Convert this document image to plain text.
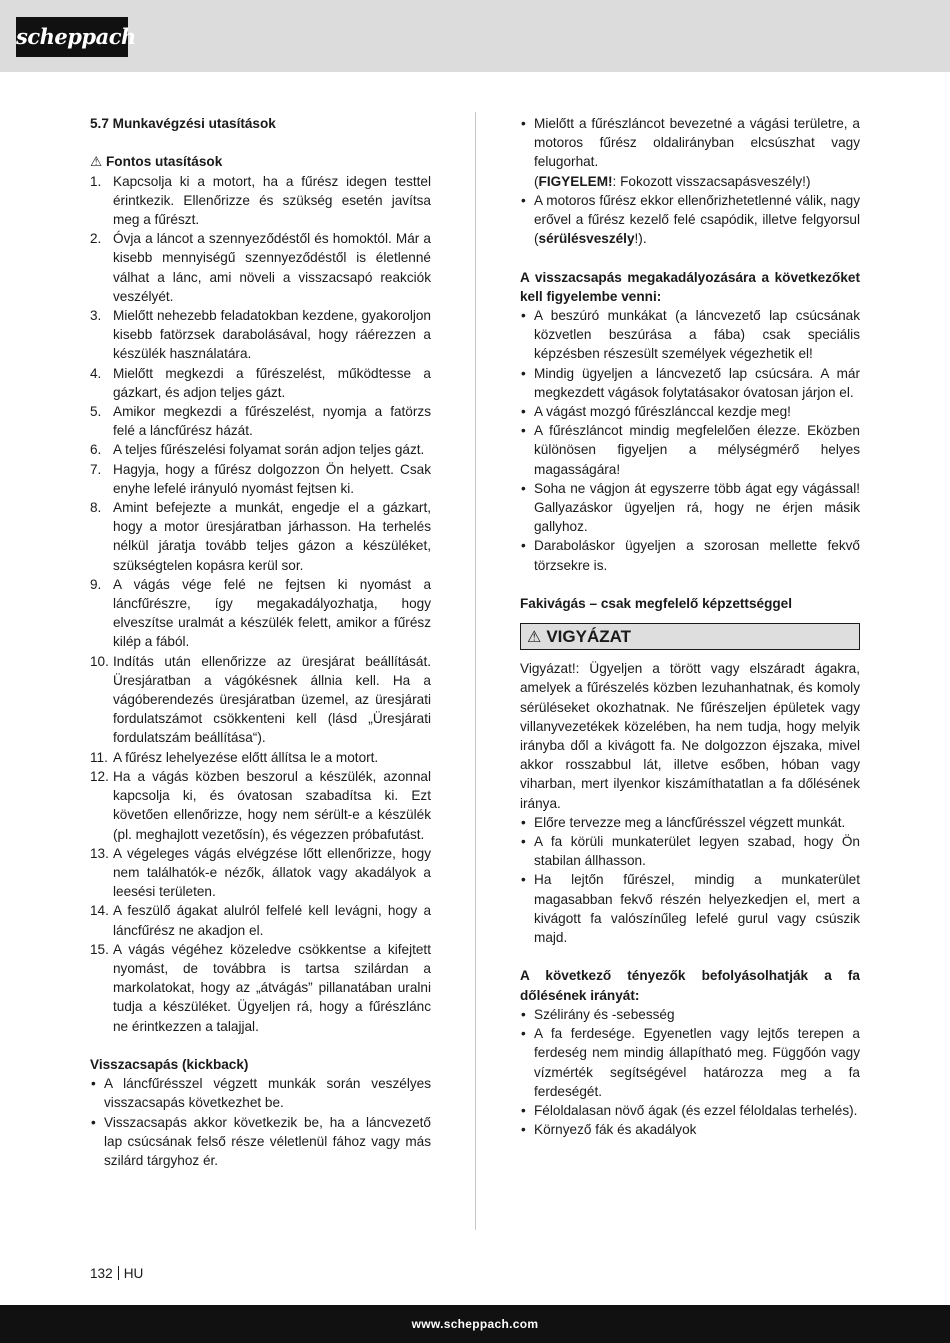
scheppach
5.7 Munkavégzési utasítások
⚠ Fontos utasítások
1. Kapcsolja ki a motort, ha a fűrész idegen testtel érintkezik. Ellenőrizze és szükség esetén javítsa meg a fűrészt.
2. Óvja a láncot a szennyeződéstől és homoktól. Már a kisebb mennyiségű szennyeződéstől is életlenné válhat a lánc, ami növeli a visszacsapó reakciók veszélyét.
3. Mielőtt nehezebb feladatokban kezdene, gyakoroljon kisebb fatörzsek darabolásával, hogy ráérezzen a készülék használatára.
4. Mielőtt megkezdi a fűrészelést, működtesse a gázkart, és adjon teljes gázt.
5. Amikor megkezdi a fűrészelést, nyomja a fatörzs felé a láncfűrész házát.
6. A teljes fűrészelési folyamat során adjon teljes gázt.
7. Hagyja, hogy a fűrész dolgozzon Ön helyett. Csak enyhe lefelé irányuló nyomást fejtsen ki.
8. Amint befejezte a munkát, engedje el a gázkart, hogy a motor üresjáratban járhasson. Ha terhelés nélkül járatja tovább teljes gázon a készüléket, szükségtelen kopásra kerül sor.
9. A vágás vége felé ne fejtsen ki nyomást a láncfűrészre, így megakadályozhatja, hogy elveszítse uralmát a készülék felett, amikor a fűrész kilép a fából.
10. Indítás után ellenőrizze az üresjárat beállítását. Üresjáratban a vágókésnek állnia kell. Ha a vágóberendezés üresjáratban üzemel, az üresjárati fordulatszámot csökkenteni kell (lásd „Üresjárati fordulatszám beállítása“).
11. A fűrész lehelyezése előtt állítsa le a motort.
12. Ha a vágás közben beszorul a készülék, azonnal kapcsolja ki, és óvatosan szabadítsa ki. Ezt követően ellenőrizze, hogy nem sérült-e a készülék (pl. meghajlott vezetősín), és végezzen próbafutást.
13. A végeleges vágás elvégzése lőtt ellenőrizze, hogy nem találhatók-e nézők, állatok vagy akadályok a leesési területen.
14. A feszülő ágakat alulról felfelé kell levágni, hogy a láncfűrész ne akadjon el.
15. A vágás végéhez közeledve csökkentse a kifejtett nyomást, de továbbra is tartsa szilárdan a markolatokat, hogy az „átvágás” pillanatában uralni tudja a készüléket. Ügyeljen rá, hogy a fűrészlánc ne érintkezzen a talajjal.
Visszacsapás (kickback)
• A láncfűrésszel végzett munkák során veszélyes visszacsapás következhet be.
• Visszacsapás akkor következik be, ha a láncvezető lap csúcsának felső része véletlenül fához vagy más szilárd tárgyhoz ér.
• Mielőtt a fűrészláncot bevezetné a vágási területre, a motoros fűrész oldalirányban elcsúszhat vagy felugorhat.
(FIGYELEM!: Fokozott visszacsapásveszély!)
• A motoros fűrész ekkor ellenőrizhetetlenné válik, nagy erővel a fűrész kezelő felé csapódik, illetve felgyorsul (sérülésveszély!).
A visszacsapás megakadályozására a következőket kell figyelembe venni:
• A beszúró munkákat (a láncvezető lap csúcsának közvetlen beszúrása a fába) csak speciális képzésben részesült személyek végezhetik el!
• Mindig ügyeljen a láncvezető lap csúcsára. A már megkezdett vágások folytatásakor óvatosan járjon el.
• A vágást mozgó fűrészlánccal kezdje meg!
• A fűrészláncot mindig megfelelően élezze. Eközben különösen figyeljen a mélységmérő helyes magasságára!
• Soha ne vágjon át egyszerre több ágat egy vágással! Gallyazáskor ügyeljen rá, hogy ne érjen másik gallyhoz.
• Daraboláskor ügyeljen a szorosan mellette fekvő törzsekre is.
Fakivágás – csak megfelelő képzettséggel
⚠ VIGYÁZAT
Vigyázat!: Ügyeljen a törött vagy elszáradt ágakra, amelyek a fűrészelés közben lezuhanhatnak, és komoly sérüléseket okozhatnak. Ne fűrészeljen épületek vagy villanyvezetékek közelében, ha nem tudja, hogy melyik irányba dől a kivágott fa. Ne dolgozzon éjszaka, mivel akkor rosszabbul lát, illetve esőben, hóban vagy viharban, mert ilyenkor kiszámíthatatlan a fa dőlésének iránya.
• Előre tervezze meg a láncfűrésszel végzett munkát.
• A fa körüli munkaterület legyen szabad, hogy Ön stabilan állhasson.
• Ha lejtőn fűrészel, mindig a munkaterület magasabban fekvő részén helyezkedjen el, mert a kivágott fa valószínűleg lefelé gurul vagy csúszik majd.
A következő tényezők befolyásolhatják a fa dőlésének irányát:
• Szélirány és -sebesség
• A fa ferdesége. Egyenetlen vagy lejtős terepen a ferdeség nem mindig állapítható meg. Függőón vagy vízmérték segítségével határozza meg a fa ferdeségét.
• Féloldalasan növő ágak (és ezzel féloldalas terhelés).
• Környező fák és akadályok
132 HU
www.scheppach.com
